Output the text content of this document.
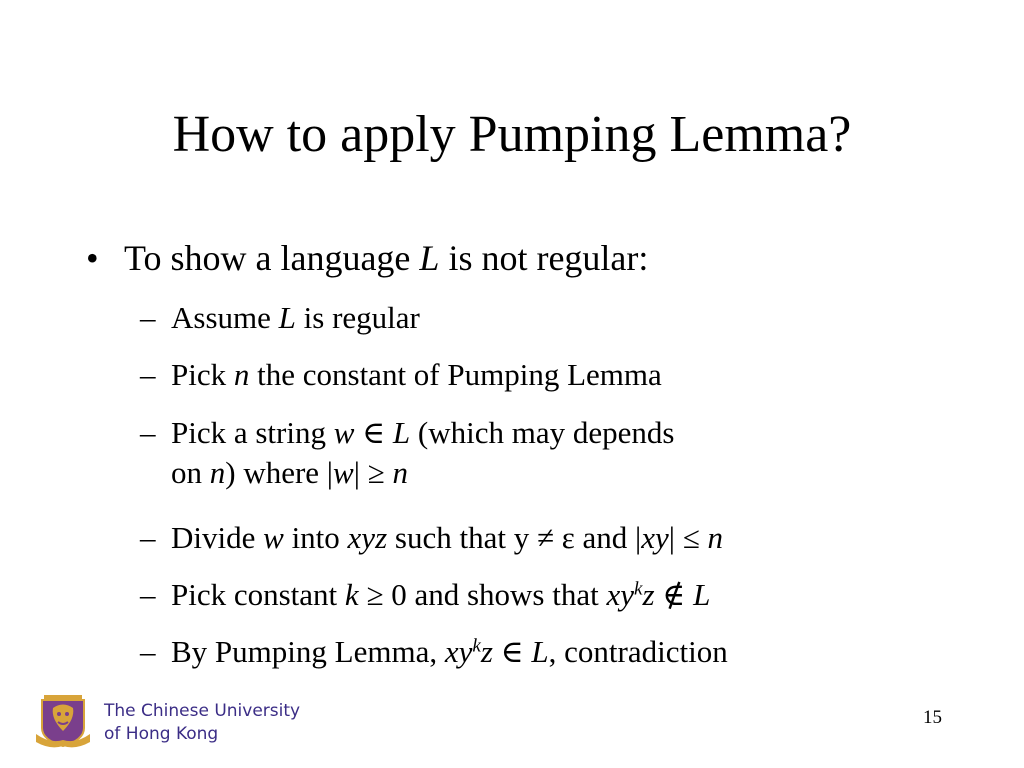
How to apply Pumping Lemma?
• To show a language L is not regular:
– Assume L is regular
– Pick n the constant of Pumping Lemma
– Pick a string w ∈ L (which may depends
on n) where |w| ≥ n
– Divide w into xyz such that y ≠ ε and |xy| ≤ n
– Pick constant k ≥ 0 and shows that $xy^kz$ ∉ L
– By Pumping Lemma, $xy^kz$ ∈ L, contradiction
The Chinese University
of Hong Kong
15
